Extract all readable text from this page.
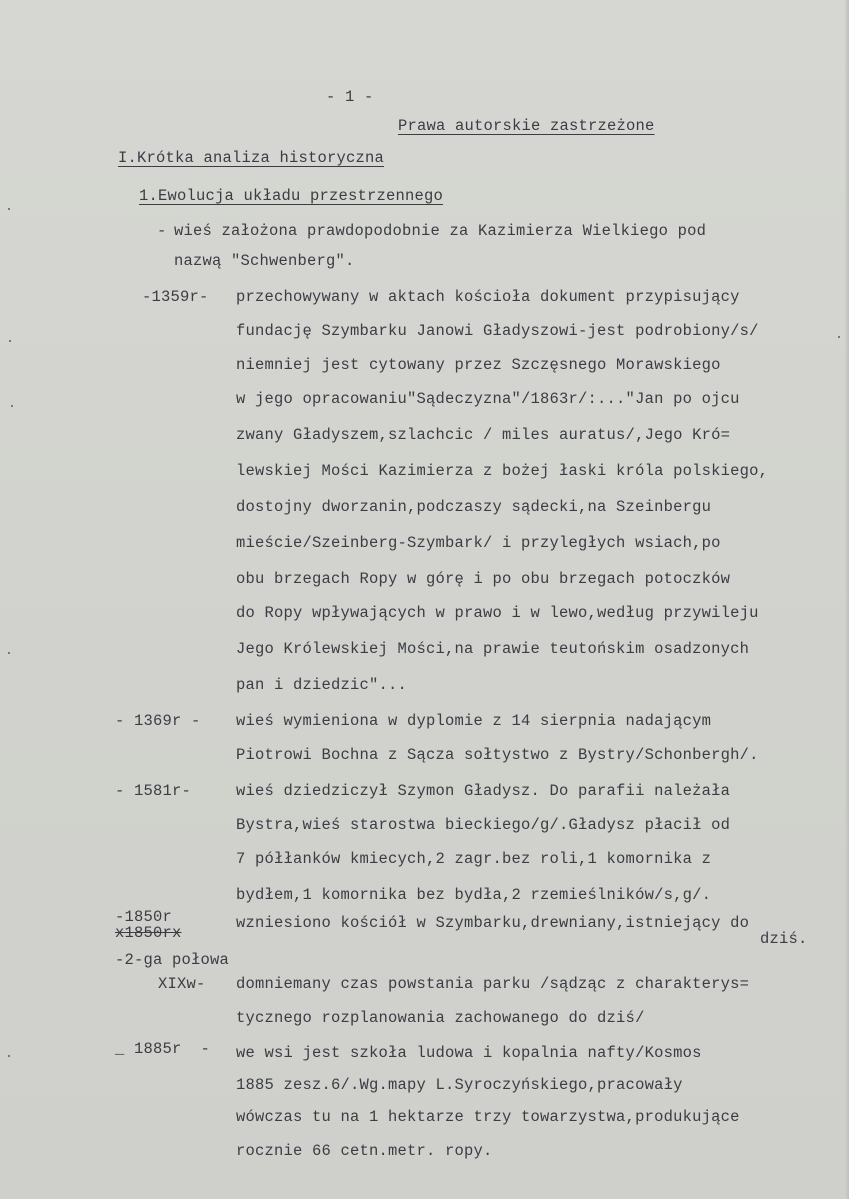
- 1 -
Prawa autorskie zastrzeżone
I.Krótka analiza historyczna
1.Ewolucja układu przestrzennego
- wieś założona prawdopodobnie za Kazimierza Wielkiego pod
nazwą "Schwenberg".
-1359r- przechowywany w aktach kościoła dokument przypisujący
fundację Szymbarku Janowi Gładyszowi-jest podrobiony/s/
niemniej jest cytowany przez Szczęsnego Morawskiego
w jego opracowaniu"Sądeczyzna"/1863r/:..."Jan po ojcu
zwany Gładyszem,szlachcic / miles auratus/,Jego Kró=
lewskiej Mości Kazimierza z bożej łaski króla polskiego,
dostojny dworzanin,podczaszy sądecki,na Szeinbergu
mieście/Szeinberg-Szymbark/ i przyległych wsiach,po
obu brzegach Ropy w górę i po obu brzegach potoczków
do Ropy wpływających w prawo i w lewo,według przywileju
Jego Królewskiej Mości,na prawie teutońskim osadzonych
pan i dziedzic"...
- 1369r - wieś wymieniona w dyplomie z 14 sierpnia nadającym
Piotrowi Bochna z Sącza sołtystwo z Bystry/Schonbergh/.
- 1581r-	wieś dziedziczył Szymon Gładysz. Do parafii należała
Bystra,wieś starostwa bieckiego/g/.Gładysz płacił od
7 półłanków kmiecych,2 zagr.bez roli,1 komornika z
bydłem,1 komornika bez bydła,2 rzemieślników/s,g/.
-1850r
x1850rx
wzniesiono kościół w Szymbarku,drewniany,istniejący do
dziś.
-2-ga połowa
XIXw- domniemany czas powstania parku /sądząc z charakterys=
tycznego rozplanowania zachowanego do dziś/
_ 1885r  - we wsi jest szkoła ludowa i kopalnia nafty/Kosmos
1885 zesz.6/.Wg.mapy L.Syroczyńskiego,pracowały
wówczas tu na 1 hektarze trzy towarzystwa,produkujące
rocznie 66 cetn.metr. ropy.
